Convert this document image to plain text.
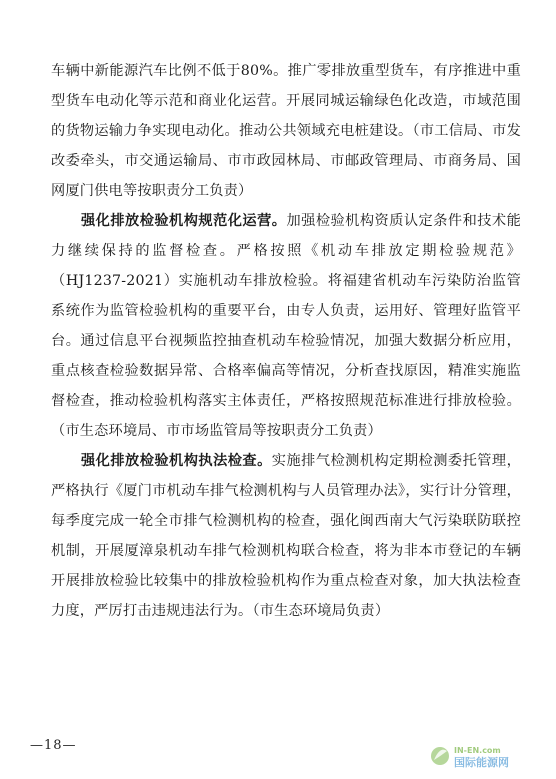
车辆中新能源汽车比例不低于80%。推广零排放重型货车，有序推进中重型货车电动化等示范和商业化运营。开展同城运输绿色化改造，市域范围的货物运输力争实现电动化。推动公共领域充电桩建设。（市工信局、市发改委牵头，市交通运输局、市市政园林局、市邮政管理局、市商务局、国网厦门供电等按职责分工负责）

强化排放检验机构规范化运营。加强检验机构资质认定条件和技术能力继续保持的监督检查。严格按照《机动车排放定期检验规范》（HJ1237-2021）实施机动车排放检验。将福建省机动车污染防治监管系统作为监管检验机构的重要平台，由专人负责，运用好、管理好监管平台。通过信息平台视频监控抽查机动车检验情况，加强大数据分析应用，重点核查检验数据异常、合格率偏高等情况，分析查找原因，精准实施监督检查，推动检验机构落实主体责任，严格按照规范标准进行排放检验。（市生态环境局、市市场监管局等按职责分工负责）

强化排放检验机构执法检查。实施排气检测机构定期检测委托管理，严格执行《厦门市机动车排气检测机构与人员管理办法》，实行计分管理，每季度完成一轮全市排气检测机构的检查，强化闽西南大气污染联防联控机制，开展厦漳泉机动车排气检测机构联合检查，将为非本市登记的车辆开展排放检验比较集中的排放检验机构作为重点检查对象，加大执法检查力度，严厉打击违规违法行为。（市生态环境局负责）

—18—	IN-EN.com
国际能源网
